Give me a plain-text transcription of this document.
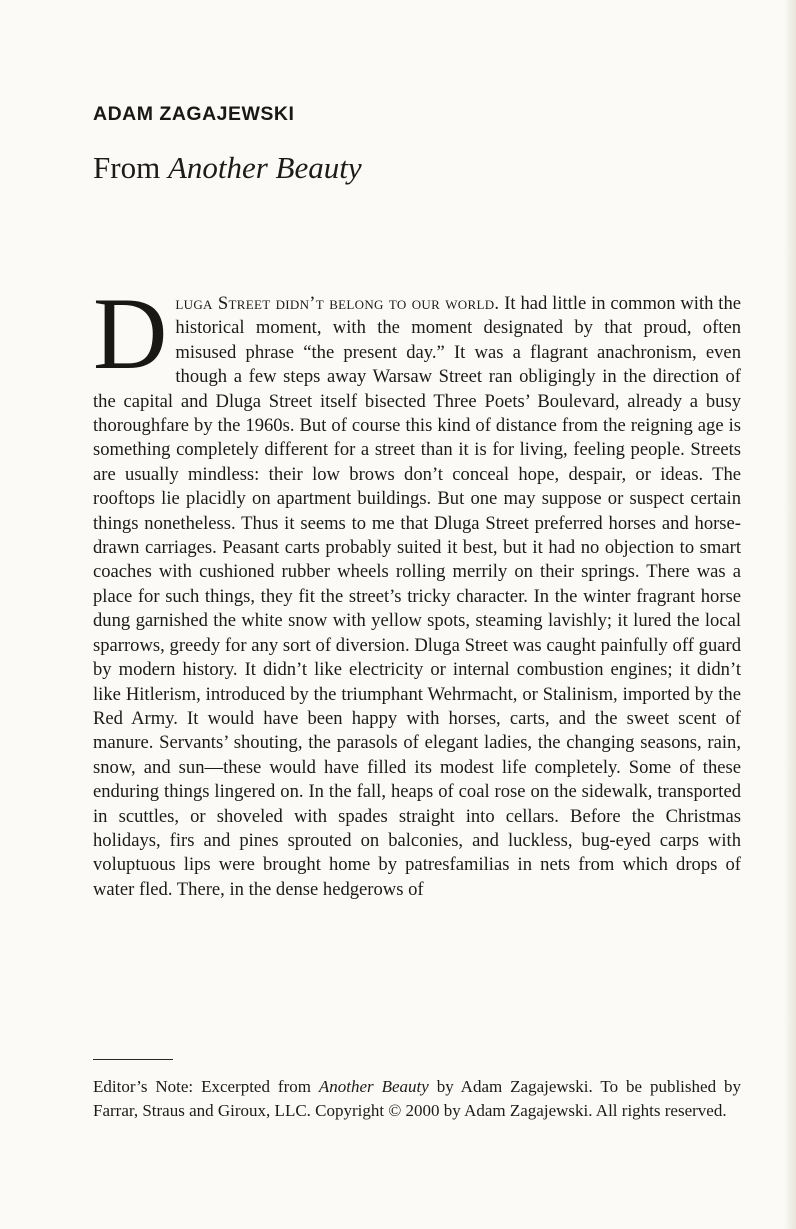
ADAM ZAGAJEWSKI
From Another Beauty

Dluga Street didn’t belong to our world. It had little in common with the historical moment, with the moment designated by that proud, often misused phrase “the present day.” It was a flagrant anachronism, even though a few steps away Warsaw Street ran obligingly in the direction of the capital and Dluga Street itself bisected Three Poets’ Boulevard, already a busy thoroughfare by the 1960s. But of course this kind of distance from the reigning age is something completely different for a street than it is for living, feeling people. Streets are usually mindless: their low brows don’t conceal hope, despair, or ideas. The rooftops lie placidly on apartment buildings. But one may suppose or suspect certain things nonetheless. Thus it seems to me that Dluga Street preferred horses and horse-drawn carriages. Peasant carts probably suited it best, but it had no objection to smart coaches with cushioned rubber wheels rolling merrily on their springs. There was a place for such things, they fit the street’s tricky character. In the winter fragrant horse dung garnished the white snow with yellow spots, steaming lavishly; it lured the local sparrows, greedy for any sort of diversion. Dluga Street was caught painfully off guard by modern history. It didn’t like electricity or internal combustion engines; it didn’t like Hitlerism, introduced by the triumphant Wehrmacht, or Stalinism, imported by the Red Army. It would have been happy with horses, carts, and the sweet scent of manure. Servants’ shouting, the parasols of elegant ladies, the changing seasons, rain, snow, and sun—these would have filled its modest life completely. Some of these enduring things lingered on. In the fall, heaps of coal rose on the sidewalk, transported in scuttles, or shoveled with spades straight into cellars. Before the Christmas holidays, firs and pines sprouted on balconies, and luckless, bug-eyed carps with voluptuous lips were brought home by patresfamilias in nets from which drops of water fled. There, in the dense hedgerows of

Editor’s Note: Excerpted from Another Beauty by Adam Zagajewski. To be published by Farrar, Straus and Giroux, LLC. Copyright © 2000 by Adam Zagajewski. All rights reserved.
